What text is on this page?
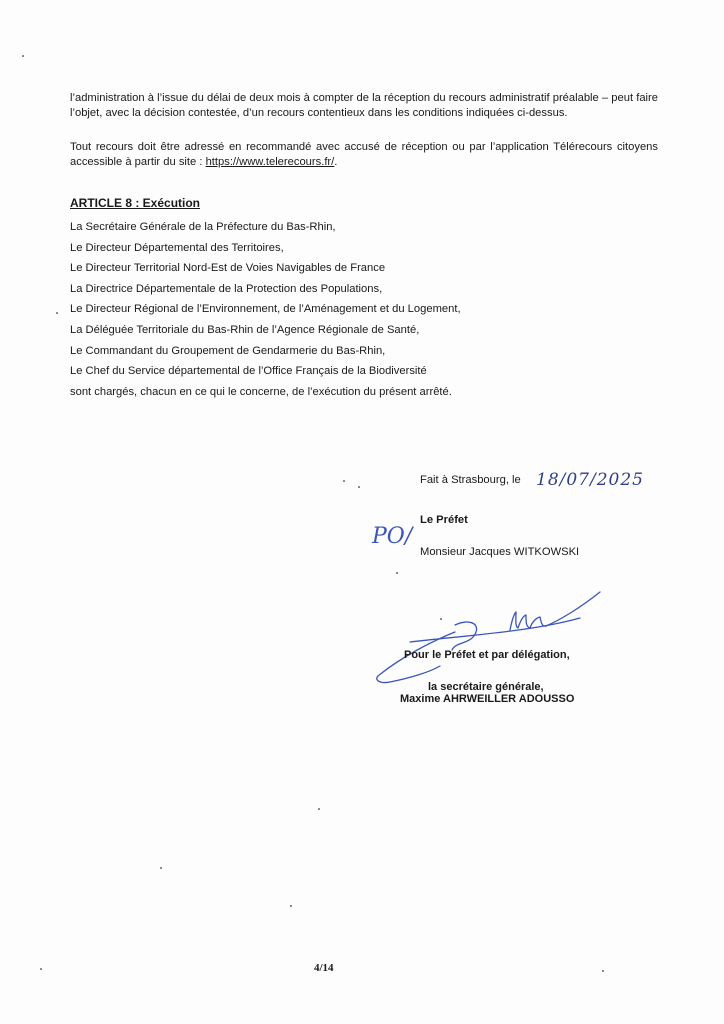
l’administration à l’issue du délai de deux mois à compter de la réception du recours administratif préalable – peut faire l’objet, avec la décision contestée, d’un recours contentieux dans les conditions indiquées ci-dessus.

Tout recours doit être adressé en recommandé avec accusé de réception ou par l’application Télérecours citoyens accessible à partir du site : https://www.telerecours.fr/.

ARTICLE 8 : Exécution
La Secrétaire Générale de la Préfecture du Bas-Rhin,
Le Directeur Départemental des Territoires,
Le Directeur Territorial Nord-Est de Voies Navigables de France
La Directrice Départementale de la Protection des Populations,
Le Directeur Régional de l’Environnement, de l’Aménagement et du Logement,
La Déléguée Territoriale du Bas-Rhin de l’Agence Régionale de Santé,
Le Commandant du Groupement de Gendarmerie du Bas-Rhin,
Le Chef du Service départemental de l’Office Français de la Biodiversité
sont chargés, chacun en ce qui le concerne, de l’exécution du présent arrêté.
Fait à Strasbourg, le 18/07/2025
PO/
Le Préfet
Monsieur Jacques WITKOWSKI
Pour le Préfet et par délégation,
la secrétaire générale,
Maxime AHRWEILLER ADOUSSO
4/14
